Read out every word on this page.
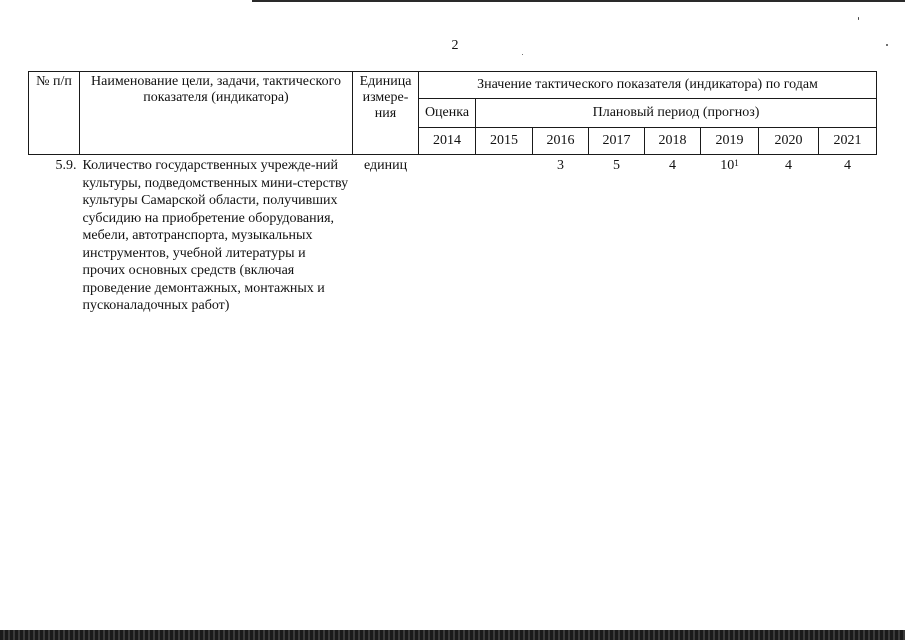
2
№ п/п	Наименование цели, задачи, тактического показателя (индикатора)	Единица измере-ния	Значение тактического показателя (индикатора) по годам							
			Оценка	Плановый период (прогноз)						
			2014	2015	2016	2017	2018	2019	2020	2021
5.9.	Количество государственных учрежде-ний культуры, подведомственных мини-стерству культуры Самарской области, получивших субсидию на приобретение оборудования, мебели, автотранспорта, музыкальных инструментов, учебной литературы и прочих основных средств (включая проведение демонтажных, монтажных и пусконаладочных работ)	единиц			3	5	4	$10^1$	4	4
